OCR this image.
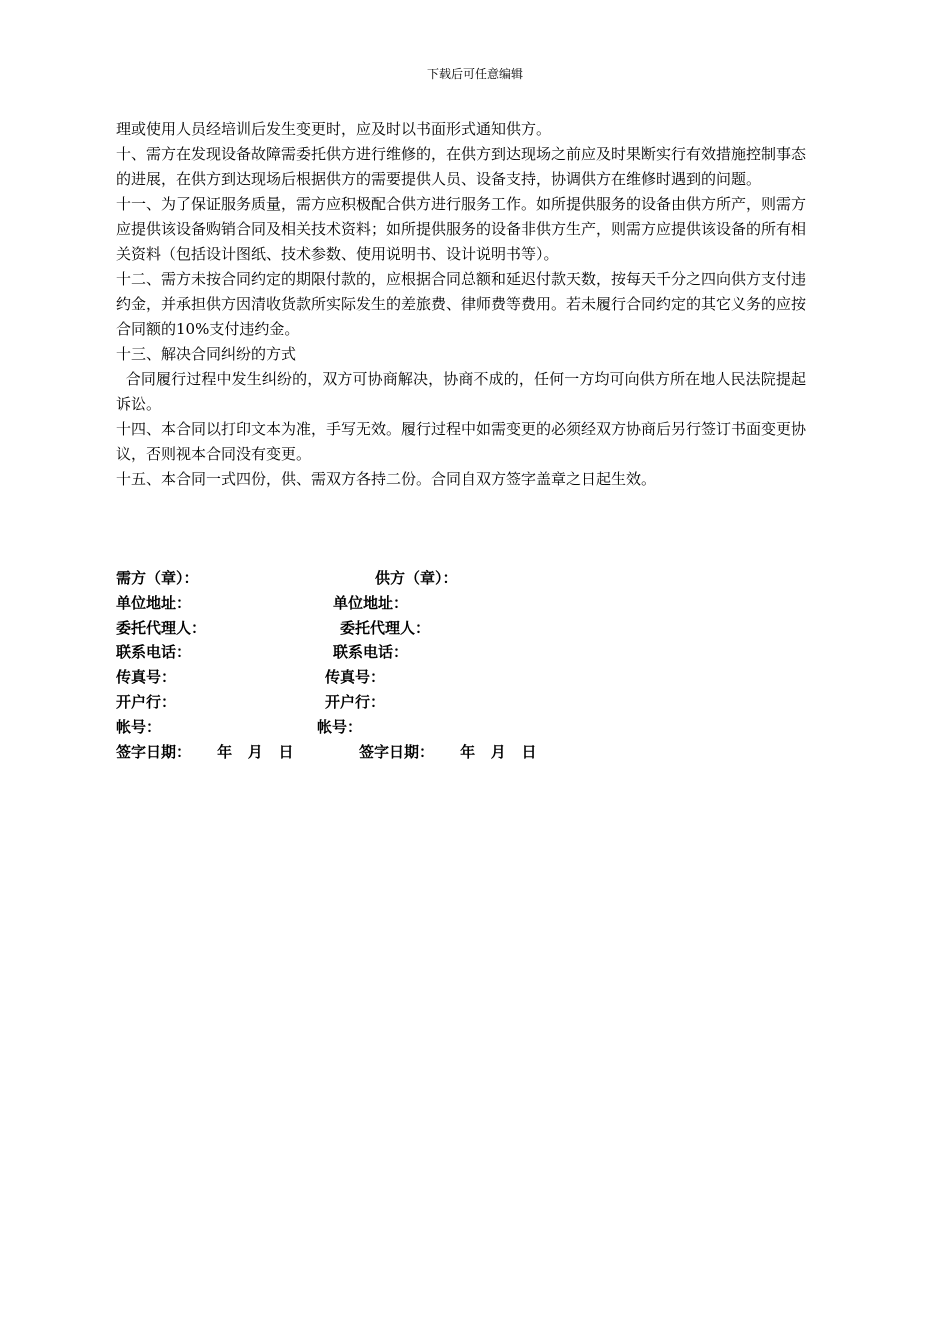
下载后可任意编辑

理或使用人员经培训后发生变更时，应及时以书面形式通知供方。

十、需方在发现设备故障需委托供方进行维修的，在供方到达现场之前应及时果断实行有效措施控制事态的进展，在供方到达现场后根据供方的需要提供人员、设备支持，协调供方在维修时遇到的问题。

十一、为了保证服务质量，需方应积极配合供方进行服务工作。如所提供服务的设备由供方所产，则需方应提供该设备购销合同及相关技术资料；如所提供服务的设备非供方生产，则需方应提供该设备的所有相关资料（包括设计图纸、技术参数、使用说明书、设计说明书等）。

十二、需方未按合同约定的期限付款的，应根据合同总额和延迟付款天数，按每天千分之四向供方支付违约金，并承担供方因清收货款所实际发生的差旅费、律师费等费用。若未履行合同约定的其它义务的应按合同额的10%支付违约金。

十三、解决合同纠纷的方式

合同履行过程中发生纠纷的，双方可协商解决，协商不成的，任何一方均可向供方所在地人民法院提起诉讼。

十四、本合同以打印文本为准，手写无效。履行过程中如需变更的必须经双方协商后另行签订书面变更协议，否则视本合同没有变更。

十五、本合同一式四份，供、需双方各持二份。合同自双方签字盖章之日起生效。

需方（章）：	供方（章）：
单位地址：	单位地址：
委托代理人：	委托代理人：
联系电话：	联系电话：
传真号：	传真号：
开户行：	开户行：
帐号：	帐号：
签字日期：     年   月   日	签字日期：     年   月   日
